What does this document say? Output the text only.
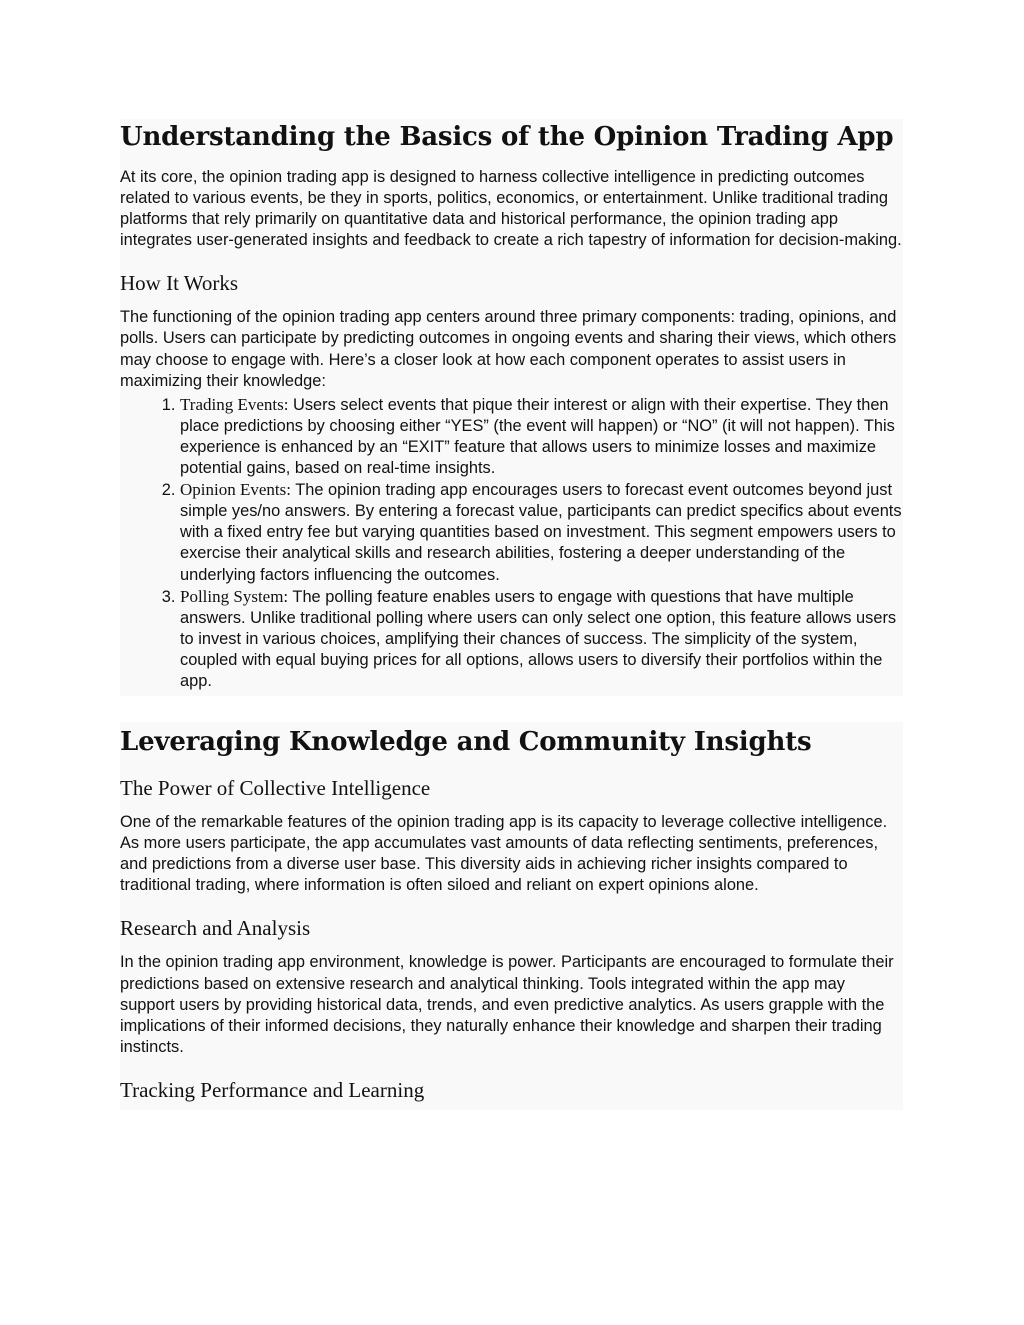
Understanding the Basics of the Opinion Trading App

At its core, the opinion trading app is designed to harness collective intelligence in predicting outcomes related to various events, be they in sports, politics, economics, or entertainment. Unlike traditional trading platforms that rely primarily on quantitative data and historical performance, the opinion trading app integrates user-generated insights and feedback to create a rich tapestry of information for decision-making.

How It Works

The functioning of the opinion trading app centers around three primary components: trading, opinions, and polls. Users can participate by predicting outcomes in ongoing events and sharing their views, which others may choose to engage with. Here’s a closer look at how each component operates to assist users in maximizing their knowledge:

1. Trading Events: Users select events that pique their interest or align with their expertise. They then place predictions by choosing either “YES” (the event will happen) or “NO” (it will not happen). This experience is enhanced by an “EXIT” feature that allows users to minimize losses and maximize potential gains, based on real-time insights.
2. Opinion Events: The opinion trading app encourages users to forecast event outcomes beyond just simple yes/no answers. By entering a forecast value, participants can predict specifics about events with a fixed entry fee but varying quantities based on investment. This segment empowers users to exercise their analytical skills and research abilities, fostering a deeper understanding of the underlying factors influencing the outcomes.
3. Polling System: The polling feature enables users to engage with questions that have multiple answers. Unlike traditional polling where users can only select one option, this feature allows users to invest in various choices, amplifying their chances of success. The simplicity of the system, coupled with equal buying prices for all options, allows users to diversify their portfolios within the app.
Leveraging Knowledge and Community Insights
The Power of Collective Intelligence

One of the remarkable features of the opinion trading app is its capacity to leverage collective intelligence. As more users participate, the app accumulates vast amounts of data reflecting sentiments, preferences, and predictions from a diverse user base. This diversity aids in achieving richer insights compared to traditional trading, where information is often siloed and reliant on expert opinions alone.

Research and Analysis

In the opinion trading app environment, knowledge is power. Participants are encouraged to formulate their predictions based on extensive research and analytical thinking. Tools integrated within the app may support users by providing historical data, trends, and even predictive analytics. As users grapple with the implications of their informed decisions, they naturally enhance their knowledge and sharpen their trading instincts.

Tracking Performance and Learning
